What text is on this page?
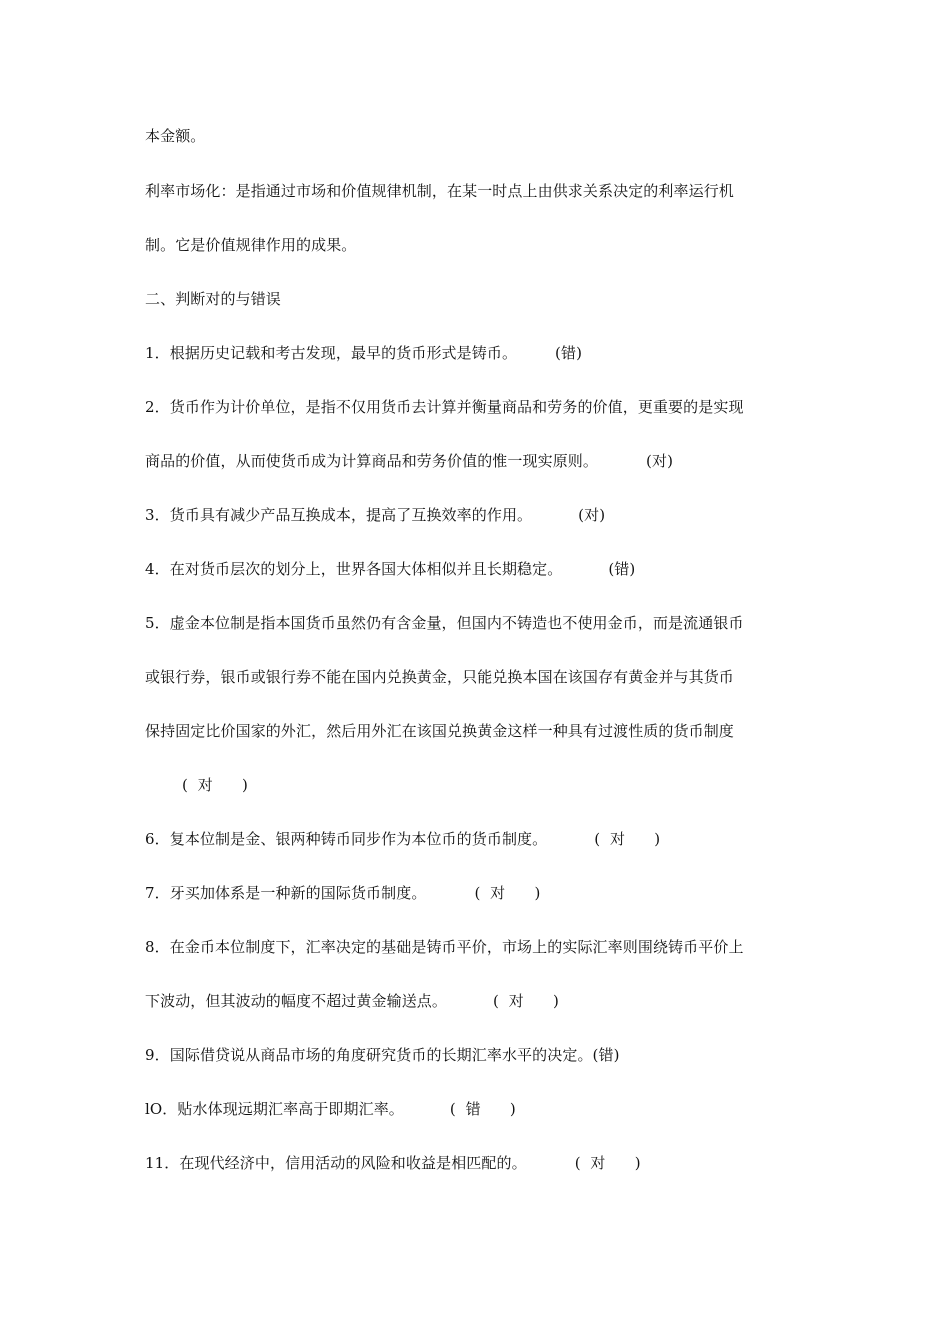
本金额。
利率市场化：是指通过市场和价值规律机制，在某一时点上由供求关系决定的利率运行机
制。它是价值规律作用的成果。
二、判断对的与错误
1．根据历史记载和考古发现，最早的货币形式是铸币。	(错)
2．货币作为计价单位，是指不仅用货币去计算并衡量商品和劳务的价值，更重要的是实现
商品的价值，从而使货币成为计算商品和劳务价值的惟一现实原则。	(对)
3．货币具有减少产品互换成本，提高了互换效率的作用。	(对)
4．在对货币层次的划分上，世界各国大体相似并且长期稳定。	(错)
5．虚金本位制是指本国货币虽然仍有含金量，但国内不铸造也不使用金币，而是流通银币
或银行券，银币或银行券不能在国内兑换黄金，只能兑换本国在该国存有黄金并与其货币
保持固定比价国家的外汇，然后用外汇在该国兑换黄金这样一种具有过渡性质的货币制度
(  对      )
6．复本位制是金、银两种铸币同步作为本位币的货币制度。	(  对      )
7．牙买加体系是一种新的国际货币制度。	(  对      )
8．在金币本位制度下，汇率决定的基础是铸币平价，市场上的实际汇率则围绕铸币平价上
下波动，但其波动的幅度不超过黄金输送点。	(  对      )
9．国际借贷说从商品市场的角度研究货币的长期汇率水平的决定。(错)
lO．贴水体现远期汇率高于即期汇率。	(  错      )
11．在现代经济中，信用活动的风险和收益是相匹配的。	(  对      )
